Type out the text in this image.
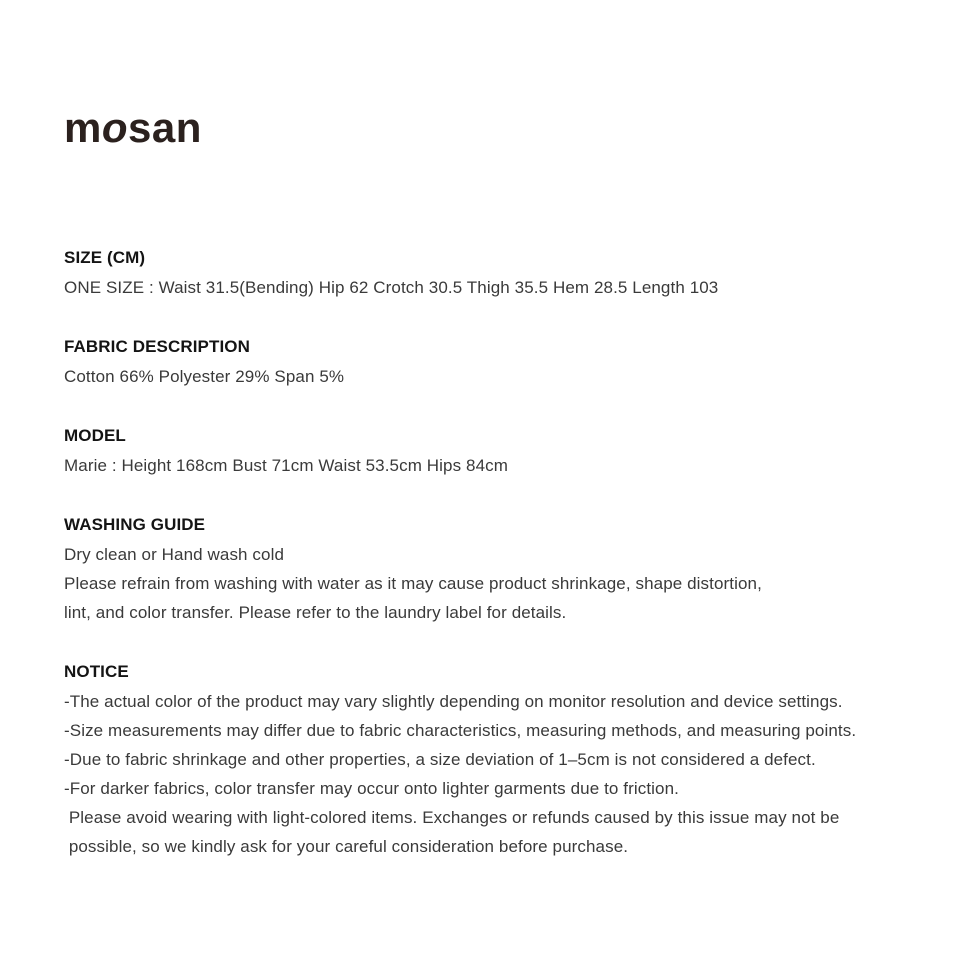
mosan
SIZE (CM)
ONE SIZE : Waist 31.5(Bending) Hip 62 Crotch 30.5 Thigh 35.5 Hem 28.5 Length 103
FABRIC DESCRIPTION
Cotton 66% Polyester 29% Span 5%
MODEL
Marie : Height 168cm Bust 71cm Waist 53.5cm Hips 84cm
WASHING GUIDE
Dry clean or Hand wash cold
Please refrain from washing with water as it may cause product shrinkage, shape distortion,
lint, and color transfer. Please refer to the laundry label for details.
NOTICE
-The actual color of the product may vary slightly depending on monitor resolution and device settings.
-Size measurements may differ due to fabric characteristics, measuring methods, and measuring points.
-Due to fabric shrinkage and other properties, a size deviation of 1–5cm is not considered a defect.
-For darker fabrics, color transfer may occur onto lighter garments due to friction.
Please avoid wearing with light-colored items. Exchanges or refunds caused by this issue may not be
possible, so we kindly ask for your careful consideration before purchase.
